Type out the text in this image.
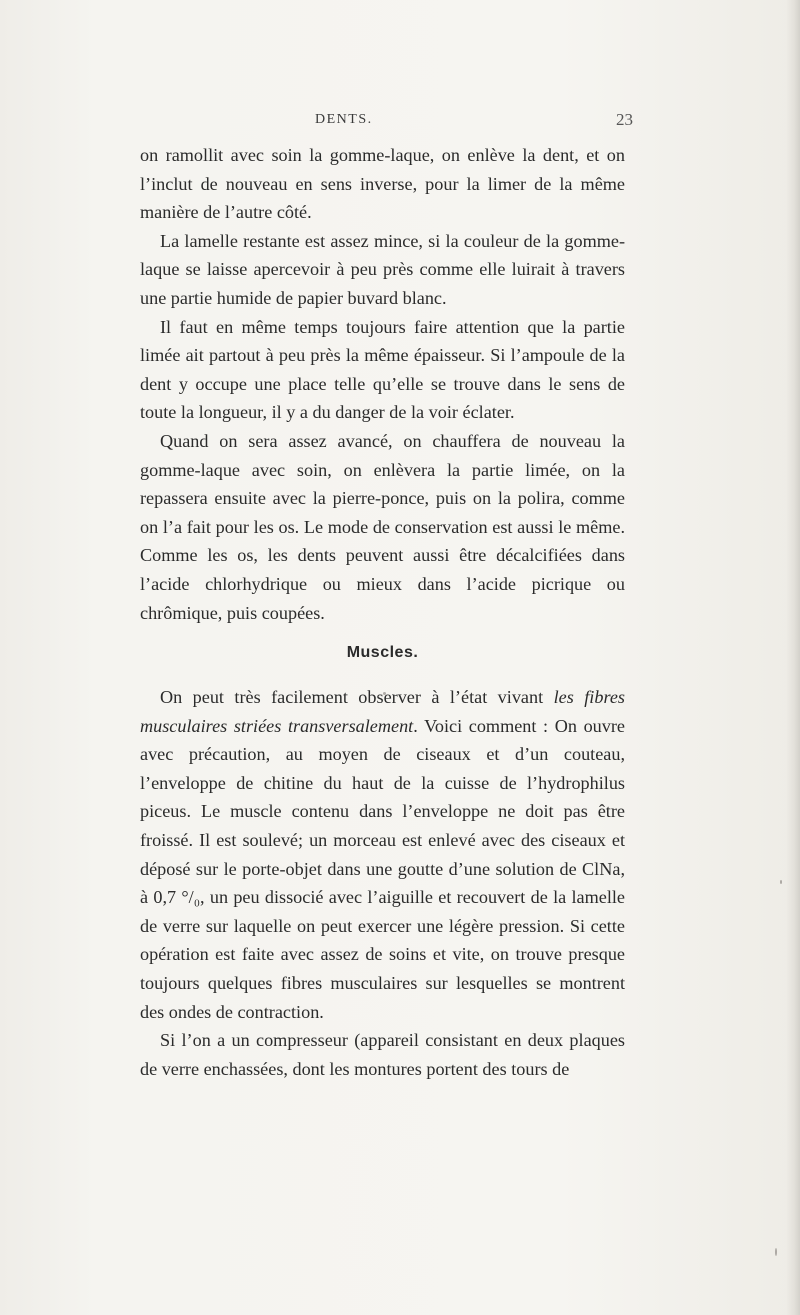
DENTS.	23

on ramollit avec soin la gomme-laque, on enlève la dent, et on l’inclut de nouveau en sens inverse, pour la limer de la même manière de l’autre côté.

La lamelle restante est assez mince, si la couleur de la gomme-laque se laisse apercevoir à peu près comme elle luirait à travers une partie humide de papier buvard blanc.

Il faut en même temps toujours faire attention que la partie limée ait partout à peu près la même épaisseur. Si l’ampoule de la dent y occupe une place telle qu’elle se trouve dans le sens de toute la longueur, il y a du danger de la voir éclater.

Quand on sera assez avancé, on chauffera de nouveau la gomme-laque avec soin, on enlèvera la partie limée, on la repassera ensuite avec la pierre-ponce, puis on la polira, comme on l’a fait pour les os. Le mode de conservation est aussi le même. Comme les os, les dents peuvent aussi être décalcifiées dans l’acide chlorhydrique ou mieux dans l’acide picrique ou chrômique, puis coupées.

Muscles.

On peut très facilement observer à l’état vivant les fibres musculaires striées transversalement. Voici comment : On ouvre avec précaution, au moyen de ciseaux et d’un couteau, l’enveloppe de chitine du haut de la cuisse de l’hydrophilus piceus. Le muscle contenu dans l’enveloppe ne doit pas être froissé. Il est soulevé; un morceau est enlevé avec des ciseaux et déposé sur le porte-objet dans une goutte d’une solution de ClNa, à 0,7 °/₀, un peu dissocié avec l’aiguille et recouvert de la lamelle de verre sur laquelle on peut exercer une légère pression. Si cette opération est faite avec assez de soins et vite, on trouve presque toujours quelques fibres musculaires sur lesquelles se montrent des ondes de contraction.

Si l’on a un compresseur (appareil consistant en deux plaques de verre enchassées, dont les montures portent des tours de
